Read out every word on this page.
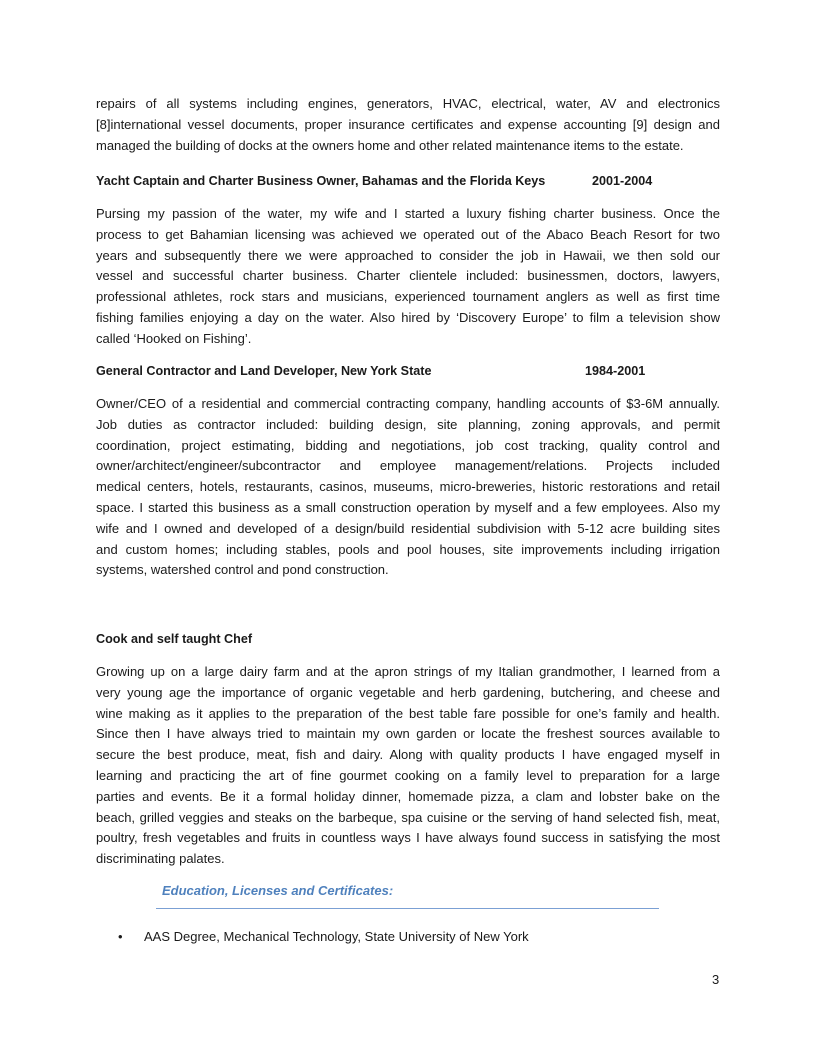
repairs of all systems including engines, generators, HVAC, electrical, water, AV and electronics
[8]international vessel documents, proper insurance certificates and expense accounting [9] design and
managed the building of docks at the owners home and other related maintenance items to the estate.
Yacht Captain and Charter Business Owner, Bahamas and the Florida Keys	2001-2004
Pursing my passion of the water, my wife and I started a luxury fishing charter business. Once the
process to get Bahamian licensing was achieved we operated out of the Abaco Beach Resort for two
years and subsequently there we were approached to consider the job in Hawaii, we then sold our
vessel and successful charter business. Charter clientele included: businessmen, doctors, lawyers,
professional athletes, rock stars and musicians, experienced tournament anglers as well as first time
fishing families enjoying a day on the water. Also hired by ‘Discovery Europe’ to film a television show
called ‘Hooked on Fishing’.
General Contractor and Land Developer, New York State	1984-2001
Owner/CEO of a residential and commercial contracting company, handling accounts of $3-6M annually.
Job duties as contractor included: building design, site planning, zoning approvals, and permit
coordination, project estimating, bidding and negotiations, job cost tracking, quality control and
owner/architect/engineer/subcontractor and employee management/relations. Projects included
medical centers, hotels, restaurants, casinos, museums, micro-breweries, historic restorations and retail
space. I started this business as a small construction operation by myself and a few employees. Also my
wife and I owned and developed of a design/build residential subdivision with 5-12 acre building sites
and custom homes; including stables, pools and pool houses, site improvements including irrigation
systems, watershed control and pond construction.
Cook and self taught Chef
Growing up on a large dairy farm and at the apron strings of my Italian grandmother, I learned from a
very young age the importance of organic vegetable and herb gardening, butchering, and cheese and
wine making as it applies to the preparation of the best table fare possible for one’s family and health.
Since then I have always tried to maintain my own garden or locate the freshest sources available to
secure the best produce, meat, fish and dairy. Along with quality products I have engaged myself in
learning and practicing the art of fine gourmet cooking on a family level to preparation for a large
parties and events. Be it a formal holiday dinner, homemade pizza, a clam and lobster bake on the
beach, grilled veggies and steaks on the barbeque, spa cuisine or the serving of hand selected fish, meat,
poultry, fresh vegetables and fruits in countless ways I have always found success in satisfying the most
discriminating palates.
Education, Licenses and Certificates:
• AAS Degree, Mechanical Technology, State University of New York
3
